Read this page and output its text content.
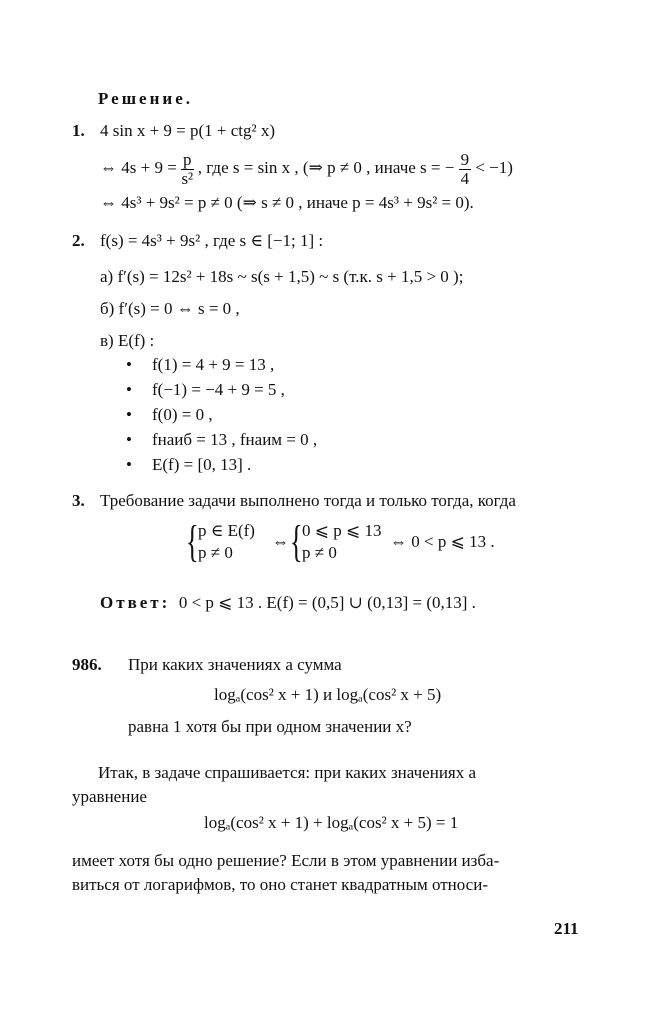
Решение.
1. 4 sin x + 9 = p(1 + ctg² x)
⇔ $4s + 9 = \frac{p}{\text{s²}}$ , где s = sin x , (⇒ p ≠ 0 , иначе s = − $\frac{9}{4} < -1$)
⇔ 4s³ + 9s² = p ≠ 0 (⇒ s ≠ 0 , иначе p = 4s³ + 9s² = 0).
2. f(s) = 4s³ + 9s² , где s ∈ [−1; 1] :
а) f′(s) = 12s² + 18s ~ s(s + 1,5) ~ s (т.к. s + 1,5 > 0 );
б) f′(s) = 0 ⇔ s = 0 ,
в) E(f) :
• f(1) = 4 + 9 = 13 ,
• f(−1) = −4 + 9 = 5 ,
• f(0) = 0 ,
• fнаиб = 13 , fнаим = 0 ,
• E(f) = [0, 13] .
3. Требование задачи выполнено тогда и только тогда, когда
{ p ∈ E(f)
p ≠ 0
⇔ { 0 ⩽ p ⩽ 13
p ≠ 0
⇔ 0 < p ⩽ 13 .
Ответ: 0 < p ⩽ 13 . E(f) = (0,5] ∪ (0,13] = (0,13] .
986. При каких значениях a сумма
logₐ(cos² x + 1) и logₐ(cos² x + 5)
равна 1 хотя бы при одном значении x?
Итак, в задаче спрашивается: при каких значениях a
уравнение
logₐ(cos² x + 1) + logₐ(cos² x + 5) = 1
имеет хотя бы одно решение? Если в этом уравнении изба-
виться от логарифмов, то оно станет квадратным относи-
211
